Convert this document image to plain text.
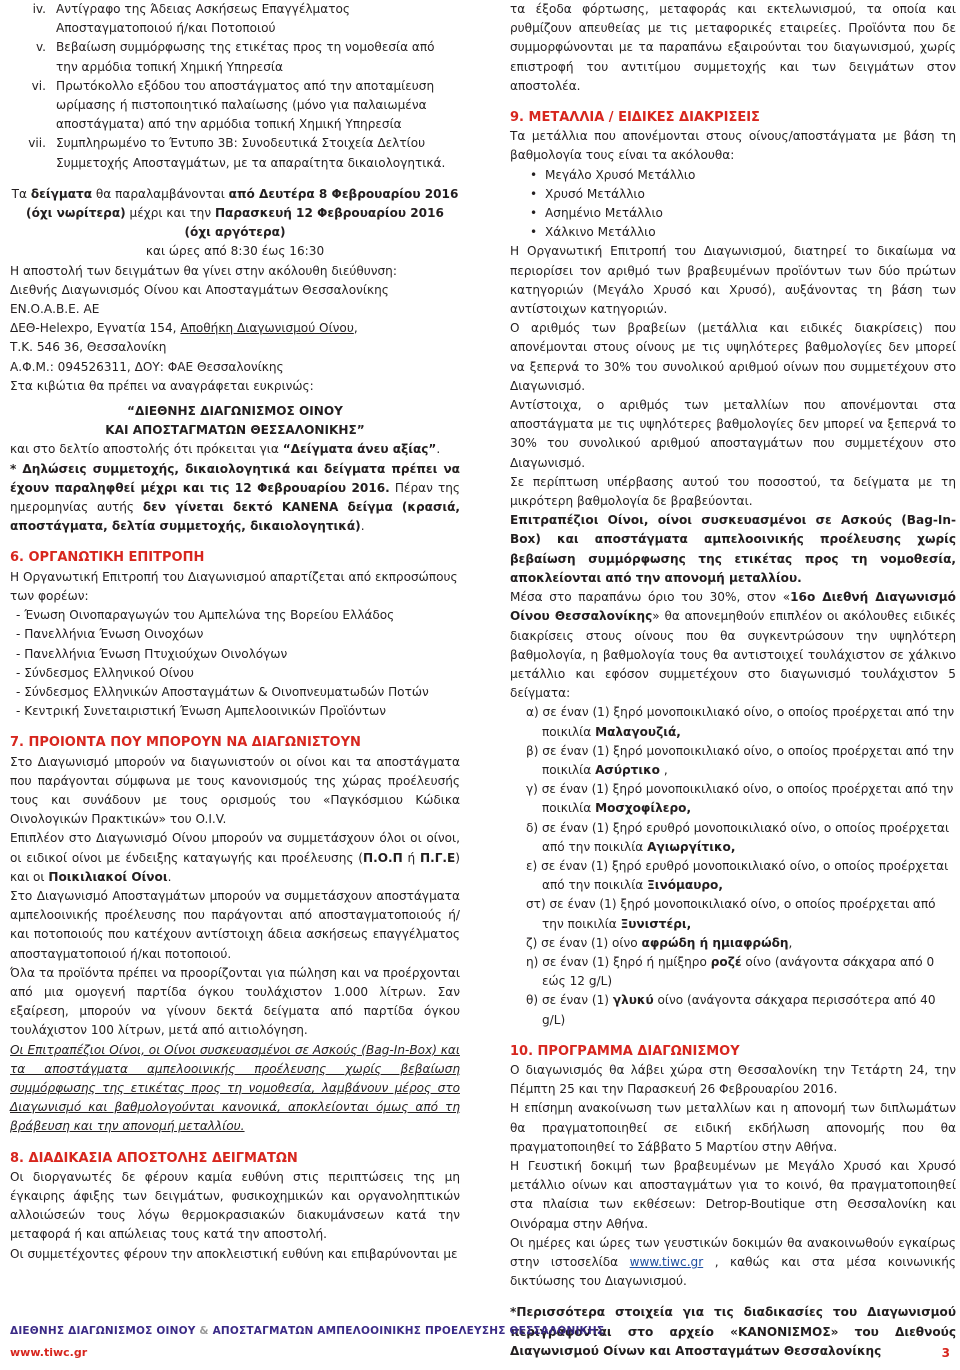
iv. Αντίγραφο της Άδειας Ασκήσεως Επαγγέλματος Αποσταγματοποιού ή/και Ποτοποιού
v. Βεβαίωση συμμόρφωσης της ετικέτας προς τη νομοθεσία από την αρμόδια τοπική Χημική Υπηρεσία
vi. Πρωτόκολλο εξόδου του αποστάγματος από την αποταμίευση ωρίμασης ή πιστοποιητικό παλαίωσης (μόνο για παλαιωμένα αποστάγματα) από την αρμόδια τοπική Χημική Υπηρεσία
vii. Συμπληρωμένο το Έντυπο 3Β: Συνοδευτικά Στοιχεία Δελτίου Συμμετοχής Αποσταγμάτων, με τα απαραίτητα δικαιολογητικά.
Τα δείγματα θα παραλαμβάνονται από Δευτέρα 8 Φεβρουαρίου 2016
(όχι νωρίτερα) μέχρι και την Παρασκευή 12 Φεβρουαρίου 2016
(όχι αργότερα)
και ώρες από 8:30 έως 16:30

Η αποστολή των δειγμάτων θα γίνει στην ακόλουθη διεύθυνση:

Διεθνής Διαγωνισμός Οίνου και Αποσταγμάτων Θεσσαλονίκης

ΕΝ.Ο.Α.Β.Ε. ΑΕ

ΔΕΘ-Helexpo, Εγνατία 154, Αποθήκη Διαγωνισμού Οίνου,

Τ.Κ. 546 36, Θεσσαλονίκη

Α.Φ.Μ.: 094526311, ΔΟΥ: ΦΑΕ Θεσσαλονίκης

Στα κιβώτια θα πρέπει να αναγράφεται ευκρινώς:

“ΔΙΕΘΝΗΣ ΔΙΑΓΩΝΙΣΜΟΣ ΟΙΝΟΥ

ΚΑΙ ΑΠΟΣΤΑΓΜΑΤΩΝ ΘΕΣΣΑΛΟΝΙΚΗΣ”

και στο δελτίο αποστολής ότι πρόκειται για “Δείγματα άνευ αξίας”.

* Δηλώσεις συμμετοχής, δικαιολογητικά και δείγματα πρέπει να έχουν παραληφθεί μέχρι και τις 12 Φεβρουαρίου 2016. Πέραν της ημερομηνίας αυτής δεν γίνεται δεκτό ΚΑΝΕΝΑ δείγμα (κρασιά, αποστάγματα, δελτία συμμετοχής, δικαιολογητικά).

6. ΟΡΓΑΝΩΤΙΚΗ ΕΠΙΤΡΟΠΗ

Η Οργανωτική Επιτροπή του Διαγωνισμού απαρτίζεται από εκπροσώπους των φορέων:

- Ένωση Οινοπαραγωγών του Αμπελώνα της Βορείου Ελλάδος

- Πανελλήνια Ένωση Οινοχόων

- Πανελλήνια Ένωση Πτυχιούχων Οινολόγων

- Σύνδεσμος Ελληνικού Οίνου

- Σύνδεσμος Ελληνικών Αποσταγμάτων & Οινοπνευματωδών Ποτών

- Κεντρική Συνεταιριστική Ένωση Αμπελοοινικών Προϊόντων

7. ΠΡΟΙΟΝΤΑ ΠΟΥ ΜΠΟΡΟΥΝ ΝΑ ΔΙΑΓΩΝΙΣΤΟΥΝ

Στο Διαγωνισμό μπορούν να διαγωνιστούν οι οίνοι και τα αποστάγματα που παράγονται σύμφωνα με τους κανονισμούς της χώρας προέλευσής τους και συνάδουν με τους ορισμούς του «Παγκόσμιου Κώδικα Οινολογικών Πρακτικών» του O.I.V.

Επιπλέον στο Διαγωνισμό Οίνου μπορούν να συμμετάσχουν όλοι οι οίνοι, οι ειδικοί οίνοι με ένδειξης καταγωγής και προέλευσης (Π.Ο.Π ή Π.Γ.Ε) και οι Ποικιλιακοί Οίνοι.

Στο Διαγωνισμό Αποσταγμάτων μπορούν να συμμετάσχουν αποστάγματα αμπελοοινικής προέλευσης που παράγονται από αποσταγματοποιούς ή/και ποτοποιούς που κατέχουν αντίστοιχη άδεια ασκήσεως επαγγέλματος αποσταγματοποιού ή/και ποτοποιού.

Όλα τα προϊόντα πρέπει να προορίζονται για πώληση και να προέρχονται από μια ομογενή παρτίδα όγκου τουλάχιστον 1.000 λίτρων. Σαν εξαίρεση, μπορούν να γίνουν δεκτά δείγματα από παρτίδα όγκου τουλάχιστον 100 λίτρων, μετά από αιτιολόγηση.

Οι Επιτραπέζιοι Οίνοι, οι Οίνοι συσκευασμένοι σε Ασκούς (Bag-In-Box) και τα αποστάγματα αμπελοοινικής προέλευσης χωρίς βεβαίωση συμμόρφωσης της ετικέτας προς τη νομοθεσία, λαμβάνουν μέρος στο Διαγωνισμό και βαθμολογούνται κανονικά, αποκλείονται όμως από τη βράβευση και την απονομή μεταλλίου.

8. ΔΙΑΔΙΚΑΣΙΑ ΑΠΟΣΤΟΛΗΣ ΔΕΙΓΜΑΤΩΝ

Οι διοργανωτές δε φέρουν καμία ευθύνη στις περιπτώσεις της μη έγκαιρης άφιξης των δειγμάτων, φυσικοχημικών και οργανοληπτικών αλλοιώσεών τους λόγω θερμοκρασιακών διακυμάνσεων κατά την μεταφορά ή και απώλειας τους κατά την αποστολή.

Οι συμμετέχοντες φέρουν την αποκλειστική ευθύνη και επιβαρύνονται με

τα έξοδα φόρτωσης, μεταφοράς και εκτελωνισμού, τα οποία και ρυθμίζουν απευθείας με τις μεταφορικές εταιρείες. Προϊόντα που δε συμμορφώνονται με τα παραπάνω εξαιρούνται του διαγωνισμού, χωρίς επιστροφή του αντιτίμου συμμετοχής και των δειγμάτων στον αποστολέα.

9. ΜΕΤΑΛΛΙΑ / ΕΙΔΙΚΕΣ ΔΙΑΚΡΙΣΕΙΣ

Τα μετάλλια που απονέμονται στους οίνους/αποστάγματα με βάση τη βαθμολογία τους είναι τα ακόλουθα:

• Μεγάλο Χρυσό Μετάλλιο

• Χρυσό Μετάλλιο

• Ασημένιο Μετάλλιο

• Χάλκινο Μετάλλιο

Η Οργανωτική Επιτροπή του Διαγωνισμού, διατηρεί το δικαίωμα να περιορίσει τον αριθμό των βραβευμένων προϊόντων των δύο πρώτων κατηγοριών (Μεγάλο Χρυσό και Χρυσό), αυξάνοντας τη βάση των αντίστοιχων κατηγοριών.

Ο αριθμός των βραβείων (μετάλλια και ειδικές διακρίσεις) που απονέμονται στους οίνους με τις υψηλότερες βαθμολογίες δεν μπορεί να ξεπερνά το 30% του συνολικού αριθμού οίνων που συμμετέχουν στο Διαγωνισμό.

Αντίστοιχα, ο αριθμός των μεταλλίων που απονέμονται στα αποστάγματα με τις υψηλότερες βαθμολογίες δεν μπορεί να ξεπερνά το 30% του συνολικού αριθμού αποσταγμάτων που συμμετέχουν στο Διαγωνισμό.

Σε περίπτωση υπέρβασης αυτού του ποσοστού, τα δείγματα με τη μικρότερη βαθμολογία δε βραβεύονται.

Επιτραπέζιοι Οίνοι, οίνοι συσκευασμένοι σε Ασκούς (Bag-In-Box) και αποστάγματα αμπελοοινικής προέλευσης χωρίς βεβαίωση συμμόρφωσης της ετικέτας προς τη νομοθεσία, αποκλείονται από την απονομή μεταλλίου.

Μέσα στο παραπάνω όριο του 30%, στον «16ο Διεθνή Διαγωνισμό Οίνου Θεσσαλονίκης» θα απονεμηθούν επιπλέον οι ακόλουθες ειδικές διακρίσεις στους οίνους που θα συγκεντρώσουν την υψηλότερη βαθμολογία, η βαθμολογία τους θα αντιστοιχεί τουλάχιστον σε χάλκινο μετάλλιο και εφόσον συμμετέχουν στο διαγωνισμό τουλάχιστον 5 δείγματα:

α) σε έναν (1) ξηρό μονοποικιλιακό οίνο, ο οποίος προέρχεται από την ποικιλία Μαλαγουζιά,

β) σε έναν (1) ξηρό μονοποικιλιακό οίνο, ο οποίος προέρχεται από την ποικιλία Ασύρτικο ,

γ) σε έναν (1) ξηρό μονοποικιλιακό οίνο, ο οποίος προέρχεται από την ποικιλία Μοσχοφίλερο,

δ) σε έναν (1) ξηρό ερυθρό μονοποικιλιακό οίνο, ο οποίος προέρχεται από την ποικιλία Αγιωργίτικο,

ε) σε έναν (1) ξηρό ερυθρό μονοποικιλιακό οίνο, ο οποίος προέρχεται από την ποικιλία Ξινόμαυρο,

στ) σε έναν (1) ξηρό μονοποικιλιακό οίνο, ο οποίος προέρχεται από την ποικιλία Ξυνιστέρι,

ζ) σε έναν (1) οίνο αφρώδη ή ημιαφρώδη,

η) σε έναν (1) ξηρό ή ημίξηρο ροζέ οίνο (ανάγοντα σάκχαρα από 0 εώς 12 g/L)

θ) σε έναν (1) γλυκύ οίνο (ανάγοντα σάκχαρα περισσότερα από 40 g/L)

10. ΠΡΟΓΡΑΜΜΑ ΔΙΑΓΩΝΙΣΜΟΥ

Ο διαγωνισμός θα λάβει χώρα στη Θεσσαλονίκη την Τετάρτη 24, την Πέμπτη 25 και την Παρασκευή 26 Φεβρουαρίου 2016.

Η επίσημη ανακοίνωση των μεταλλίων και η απονομή των διπλωμάτων θα πραγματοποιηθεί σε ειδική εκδήλωση απονομής που θα πραγματοποιηθεί το Σάββατο 5 Μαρτίου στην Αθήνα.

Η Γευστική δοκιμή των βραβευμένων με Μεγάλο Χρυσό και Χρυσό μετάλλιο οίνων και αποσταγμάτων για το κοινό, θα πραγματοποιηθεί στα πλαίσια των εκθέσεων: Detrop-Boutique στη Θεσσαλονίκη και Οινόραμα στην Αθήνα.

Οι ημέρες και ώρες των γευστικών δοκιμών θα ανακοινωθούν εγκαίρως στην ιστοσελίδα www.tiwc.gr , καθώς και στα μέσα κοινωνικής δικτύωσης του Διαγωνισμού.

*Περισσότερα στοιχεία για τις διαδικασίες του Διαγωνισμού περιγράφονται στο αρχείο «ΚΑΝΟΝΙΣΜΟΣ» του Διεθνούς Διαγωνισμού Οίνων και Αποσταγμάτων Θεσσαλονίκης

ΔΙΕΘΝΗΣ ΔΙΑΓΩΝΙΣΜΟΣ ΟΙΝΟΥ & ΑΠΟΣΤΑΓΜΑΤΩΝ ΑΜΠΕΛΟΟΙΝΙΚΗΣ ΠΡΟΕΛΕΥΣΗΣ ΘΕΣΣΑΛΟΝΙΚΗΣ
www.tiwc.gr	3
